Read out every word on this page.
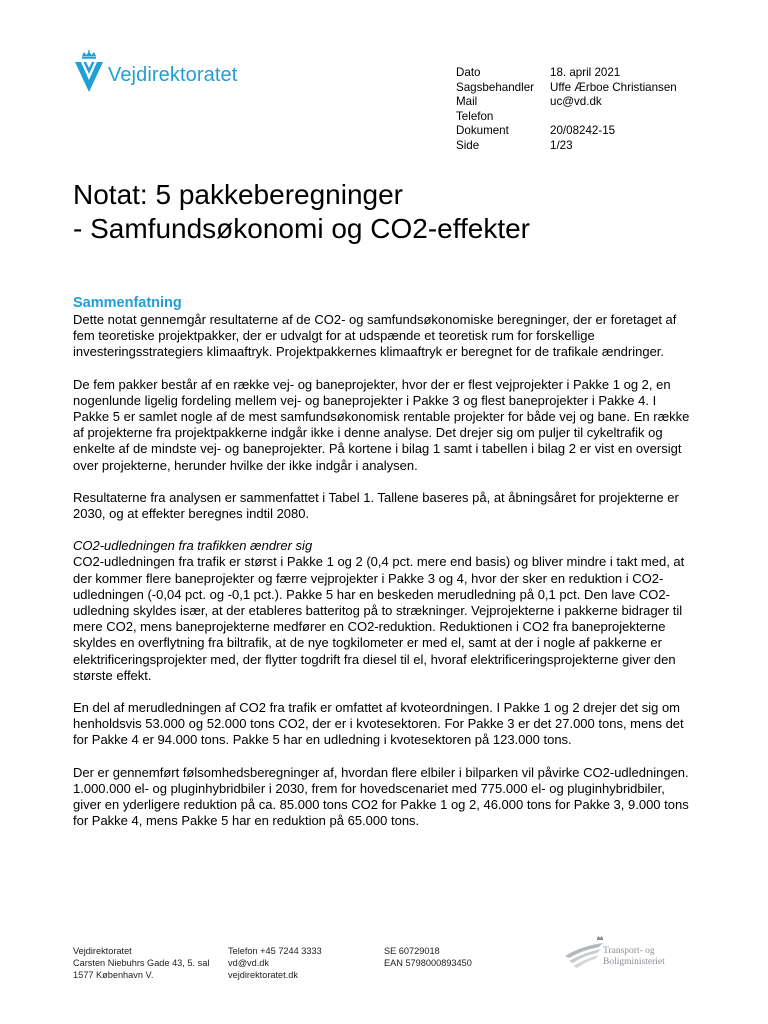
Vejdirektoratet	Dato	18. april 2021
Sagsbehandler	Uffe Ærboe Christiansen
Mail	uc@vd.dk
Telefon
Dokument	20/08242-15
Side	1/23
Notat: 5 pakkeberegninger
- Samfundsøkonomi og CO2-effekter
Sammenfatning

Dette notat gennemgår resultaterne af de CO2- og samfundsøkonomiske beregninger, der er foretaget af fem teoretiske projektpakker, der er udvalgt for at udspænde et teoretisk rum for forskellige investeringsstrategiers klimaaftryk. Projektpakkernes klimaaftryk er beregnet for de trafikale ændringer.

De fem pakker består af en række vej- og baneprojekter, hvor der er flest vejprojekter i Pakke 1 og 2, en nogenlunde ligelig fordeling mellem vej- og baneprojekter i Pakke 3 og flest baneprojekter i Pakke 4. I Pakke 5 er samlet nogle af de mest samfundsøkonomisk rentable projekter for både vej og bane. En række af projekterne fra projektpakkerne indgår ikke i denne analyse. Det drejer sig om puljer til cykeltrafik og enkelte af de mindste vej- og baneprojekter. På kortene i bilag 1 samt i tabellen i bilag 2 er vist en oversigt over projekterne, herunder hvilke der ikke indgår i analysen.

Resultaterne fra analysen er sammenfattet i Tabel 1. Tallene baseres på, at åbningsåret for projekterne er 2030, og at effekter beregnes indtil 2080.

CO2-udledningen fra trafikken ændrer sig

CO2-udledningen fra trafik er størst i Pakke 1 og 2 (0,4 pct. mere end basis) og bliver mindre i takt med, at der kommer flere baneprojekter og færre vejprojekter i Pakke 3 og 4, hvor der sker en reduktion i CO2-udledningen (-0,04 pct. og -0,1 pct.). Pakke 5 har en beskeden merudledning på 0,1 pct. Den lave CO2-udledning skyldes især, at der etableres batteritog på to strækninger. Vejprojekterne i pakkerne bidrager til mere CO2, mens baneprojekterne medfører en CO2-reduktion. Reduktionen i CO2 fra baneprojekterne skyldes en overflytning fra biltrafik, at de nye togkilometer er med el, samt at der i nogle af pakkerne er elektrificeringsprojekter med, der flytter togdrift fra diesel til el, hvoraf elektrificeringsprojekterne giver den største effekt.

En del af merudledningen af CO2 fra trafik er omfattet af kvoteordningen. I Pakke 1 og 2 drejer det sig om henholdsvis 53.000 og 52.000 tons CO2, der er i kvotesektoren. For Pakke 3 er det 27.000 tons, mens det for Pakke 4 er 94.000 tons. Pakke 5 har en udledning i kvotesektoren på 123.000 tons.

Der er gennemført følsomhedsberegninger af, hvordan flere elbiler i bilparken vil påvirke CO2-udledningen. 1.000.000 el- og pluginhybridbiler i 2030, frem for hovedscenariet med 775.000 el- og pluginhybridbiler, giver en yderligere reduktion på ca. 85.000 tons CO2 for Pakke 1 og 2, 46.000 tons for Pakke 3, 9.000 tons for Pakke 4, mens Pakke 5 har en reduktion på 65.000 tons.

Vejdirektoratet
Carsten Niebuhrs Gade 43, 5. sal
1577 København V.
Telefon +45 7244 3333
vd@vd.dk
vejdirektoratet.dk
SE 60729018
EAN 5798000893450
Transport- og
Boligministeriet
